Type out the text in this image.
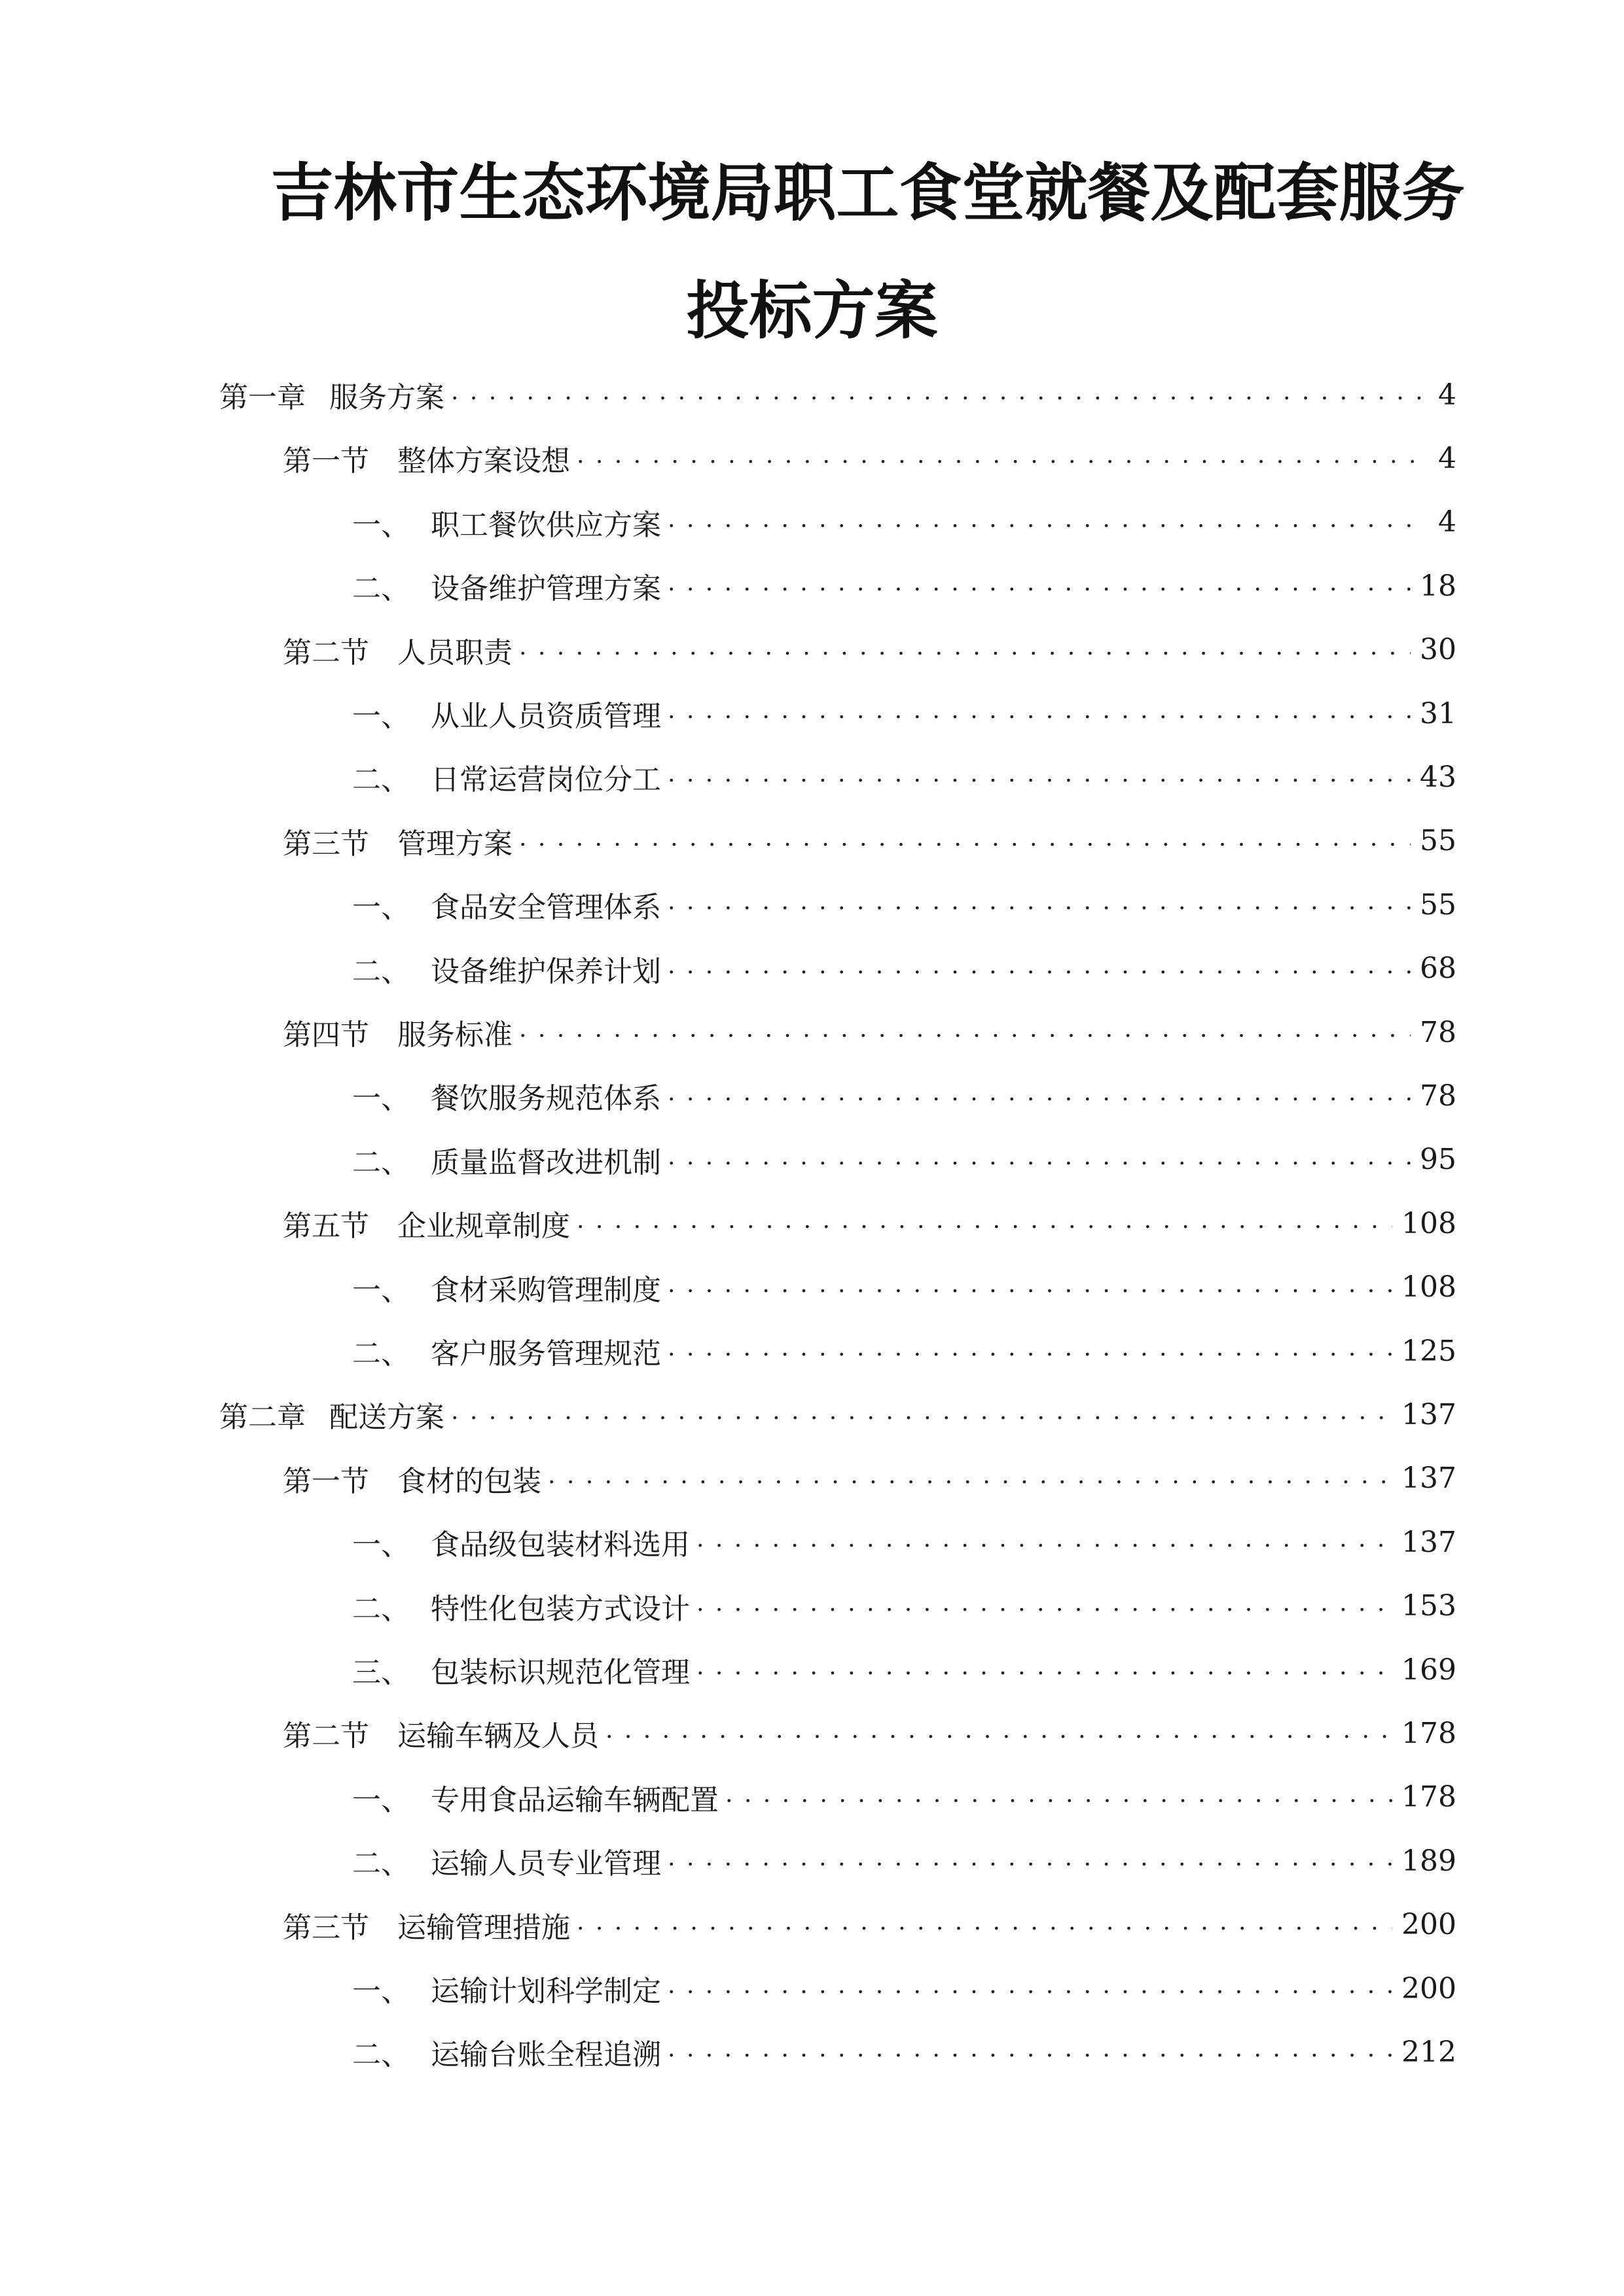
吉林市生态环境局职工食堂就餐及配套服务
投标方案
第一章 服务方案 . . .	4
第一节 整体方案设想 . . .	4
一、 职工餐饮供应方案 . . .	4
二、 设备维护管理方案 . . .	18
第二节 人员职责 . . .	30
一、 从业人员资质管理 . . .	31
二、 日常运营岗位分工 . . .	43
第三节 管理方案 . . .	55
一、 食品安全管理体系 . . .	55
二、 设备维护保养计划 . . .	68
第四节 服务标准 . . .	78
一、 餐饮服务规范体系 . . .	78
二、 质量监督改进机制 . . .	95
第五节 企业规章制度 . . .	108
一、 食材采购管理制度 . . .	108
二、 客户服务管理规范 . . .	125
第二章 配送方案 . . .	137
第一节 食材的包装 . . .	137
一、 食品级包装材料选用 . . .	137
二、 特性化包装方式设计 . . .	153
三、 包装标识规范化管理 . . .	169
第二节 运输车辆及人员 . . .	178
一、 专用食品运输车辆配置 . . .	178
二、 运输人员专业管理 . . .	189
第三节 运输管理措施 . . .	200
一、 运输计划科学制定 . . .	200
二、 运输台账全程追溯 . . .	212
